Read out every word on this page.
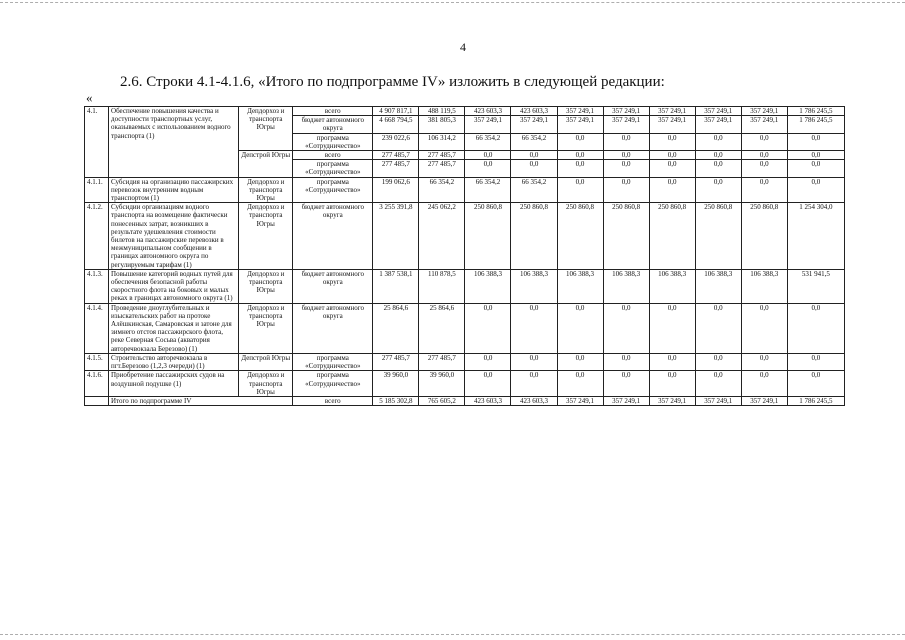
4
2.6. Строки 4.1-4.1.6, «Итого по подпрограмме IV» изложить в следующей редакции:
«
4.1.	Обеспечение повышения качества и доступности транспортных услуг, оказываемых с использованием водного транспорта (1)	Депдорхоз и транспорта Югры	всего	4 907 817,1	488 119,5	423 603,3	423 603,3	357 249,1	357 249,1	357 249,1	357 249,1	357 249,1	1 786 245,5
			бюджет автономного округа	4 668 794,5	381 805,3	357 249,1	357 249,1	357 249,1	357 249,1	357 249,1	357 249,1	357 249,1	1 786 245,5
			программа «Сотрудничество»	239 022,6	106 314,2	66 354,2	66 354,2	0,0	0,0	0,0	0,0	0,0	0,0
		Депстрой Югры	всего	277 485,7	277 485,7	0,0	0,0	0,0	0,0	0,0	0,0	0,0	0,0
			программа «Сотрудничество»	277 485,7	277 485,7	0,0	0,0	0,0	0,0	0,0	0,0	0,0	0,0
4.1.1.	Субсидия на организацию пассажирских перевозок внутренним водным транспортом (1)	Депдорхоз и транспорта Югры	программа «Сотрудничество»	199 062,6	66 354,2	66 354,2	66 354,2	0,0	0,0	0,0	0,0	0,0	0,0
4.1.2.	Субсидии организациям водного транспорта на возмещение фактически понесенных затрат, возникших в результате удешевления стоимости билетов на пассажирские перевозки в межмуниципальном сообщении в границах автономного округа по регулируемым тарифам (1)	Депдорхоз и транспорта Югры	бюджет автономного округа	3 255 391,8	245 062,2	250 860,8	250 860,8	250 860,8	250 860,8	250 860,8	250 860,8	250 860,8	1 254 304,0
4.1.3.	Повышение категорий водных путей для обеспечения безопасной работы скоростного флота на боковых и малых реках в границах автономного округа (1)	Депдорхоз и транспорта Югры	бюджет автономного округа	1 387 538,1	110 878,5	106 388,3	106 388,3	106 388,3	106 388,3	106 388,3	106 388,3	106 388,3	531 941,5
4.1.4.	Проведение дноуглубительных и изыскательских работ на протоке Алёшкинская, Самаровская и затоне для зимнего отстоя пассажирского флота, реке Северная Сосьва (акватория авторечвокзала Березово) (1)	Депдорхоз и транспорта Югры	бюджет автономного округа	25 864,6	25 864,6	0,0	0,0	0,0	0,0	0,0	0,0	0,0	0,0
4.1.5.	Строительство авторечвокзала в пгт.Березово (1,2,3 очереди) (1)	Депстрой Югры	программа «Сотрудничество»	277 485,7	277 485,7	0,0	0,0	0,0	0,0	0,0	0,0	0,0	0,0
4.1.6.	Приобретение пассажирских судов на воздушной подушке (1)	Депдорхоз и транспорта Югры	программа «Сотрудничество»	39 960,0	39 960,0	0,0	0,0	0,0	0,0	0,0	0,0	0,0	0,0
	Итого по подпрограмме IV		всего	5 185 302,8	765 605,2	423 603,3	423 603,3	357 249,1	357 249,1	357 249,1	357 249,1	357 249,1	1 786 245,5
